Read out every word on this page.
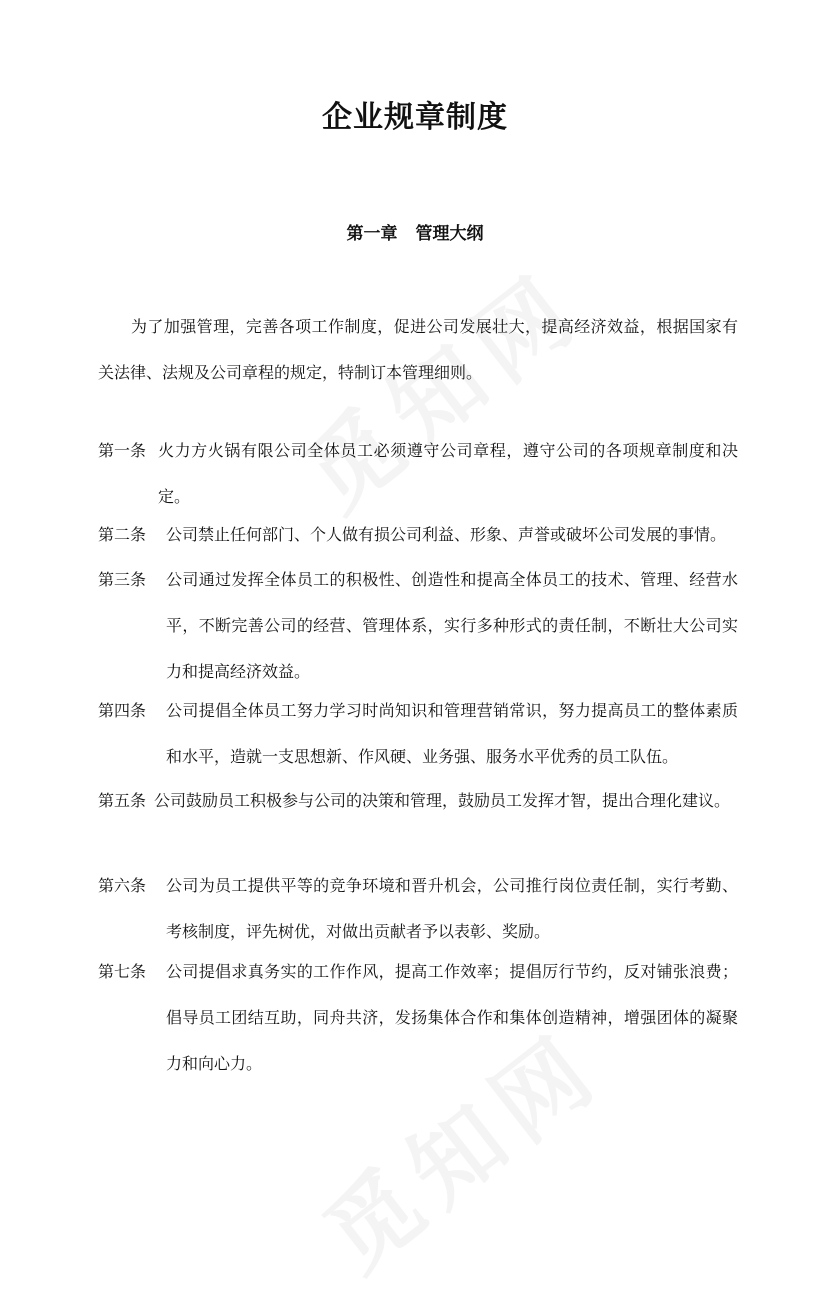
企业规章制度
第一章 管理大纲

为了加强管理，完善各项工作制度，促进公司发展壮大，提高经济效益，根据国家有关法律、法规及公司章程的规定，特制订本管理细则。

第一条 火力方火锅有限公司全体员工必须遵守公司章程，遵守公司的各项规章制度和决定。
第二条	公司禁止任何部门、个人做有损公司利益、形象、声誉或破坏公司发展的事情。
第三条	公司通过发挥全体员工的积极性、创造性和提高全体员工的技术、管理、经营水平，不断完善公司的经营、管理体系，实行多种形式的责任制，不断壮大公司实力和提高经济效益。
第四条	公司提倡全体员工努力学习时尚知识和管理营销常识，努力提高员工的整体素质和水平，造就一支思想新、作风硬、业务强、服务水平优秀的员工队伍。
第五条 公司鼓励员工积极参与公司的决策和管理，鼓励员工发挥才智，提出合理化建议。
第六条	公司为员工提供平等的竞争环境和晋升机会，公司推行岗位责任制，实行考勤、考核制度，评先树优，对做出贡献者予以表彰、奖励。
第七条	公司提倡求真务实的工作作风，提高工作效率；提倡厉行节约，反对铺张浪费；倡导员工团结互助，同舟共济，发扬集体合作和集体创造精神，增强团体的凝聚力和向心力。
